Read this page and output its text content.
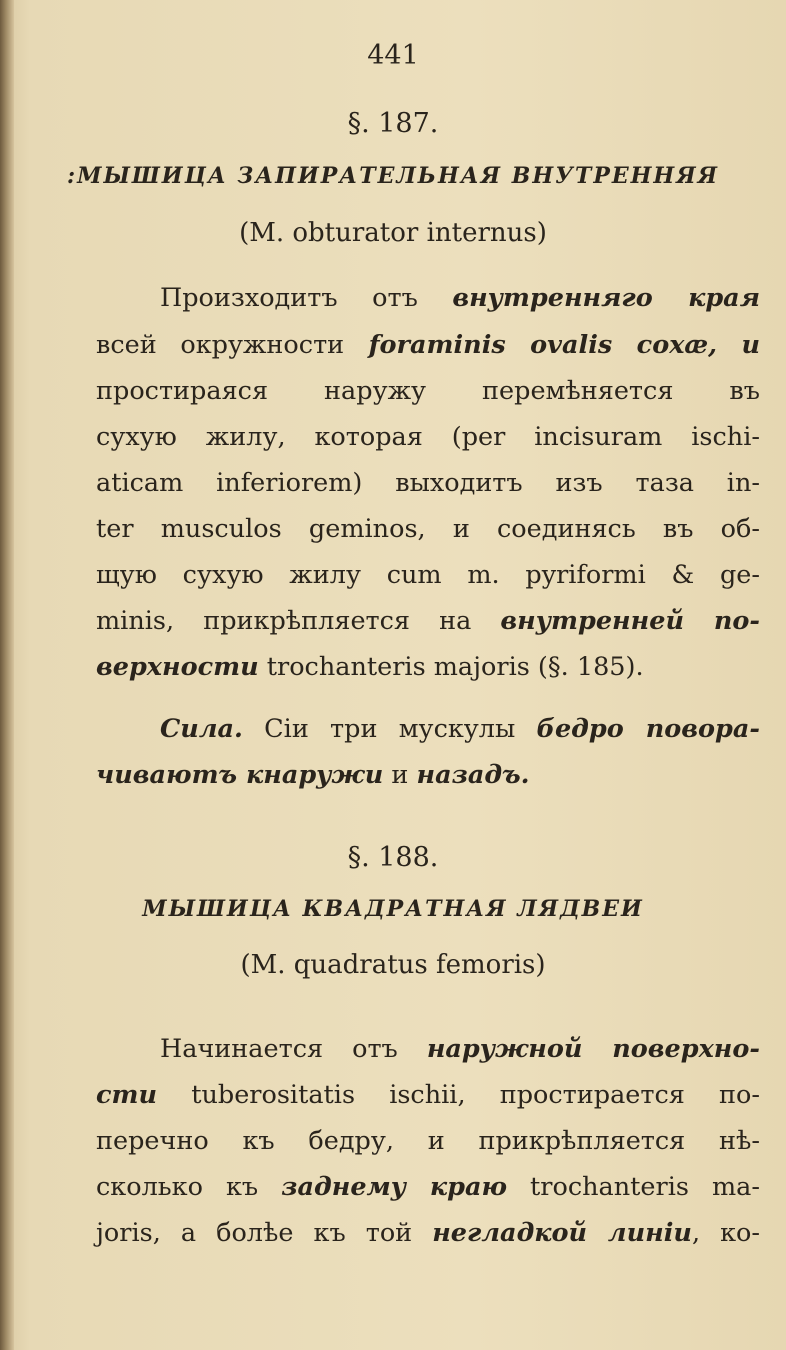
441
§. 187.
:МЫШИЦА ЗАПИРАТЕЛЬНАЯ ВНУТРЕННЯЯ
(M. obturator internus)
Произходитъ отъ внутренняго края
всей окружности foraminis ovalis coxæ, и
простираяся наружу перемѣняется въ
сухую жилу, которая (per incisuram ischi-
aticam inferiorem) выходитъ изъ таза in-
ter musculos geminos, и соединясь въ об-
щую сухую жилу cum m. pyriformi & ge-
minis, прикрѣпляется на внутренней по-
верхности trochanteris majoris (§. 185).
Сила. Сіи три мускулы бедро повора-
чиваютъ кнаружи и назадъ.
§. 188.
МЫШИЦА КВАДРАТНАЯ ЛЯДВЕИ
(M. quadratus femoris)
Начинается отъ наружной поверхно-
сти tuberositatis ischii, простирается по-
перечно къ бедру, и прикрѣпляется нѣ-
сколько къ заднему краю trochanteris ma-
joris, а болѣе къ той негладкой линіи, ко-
